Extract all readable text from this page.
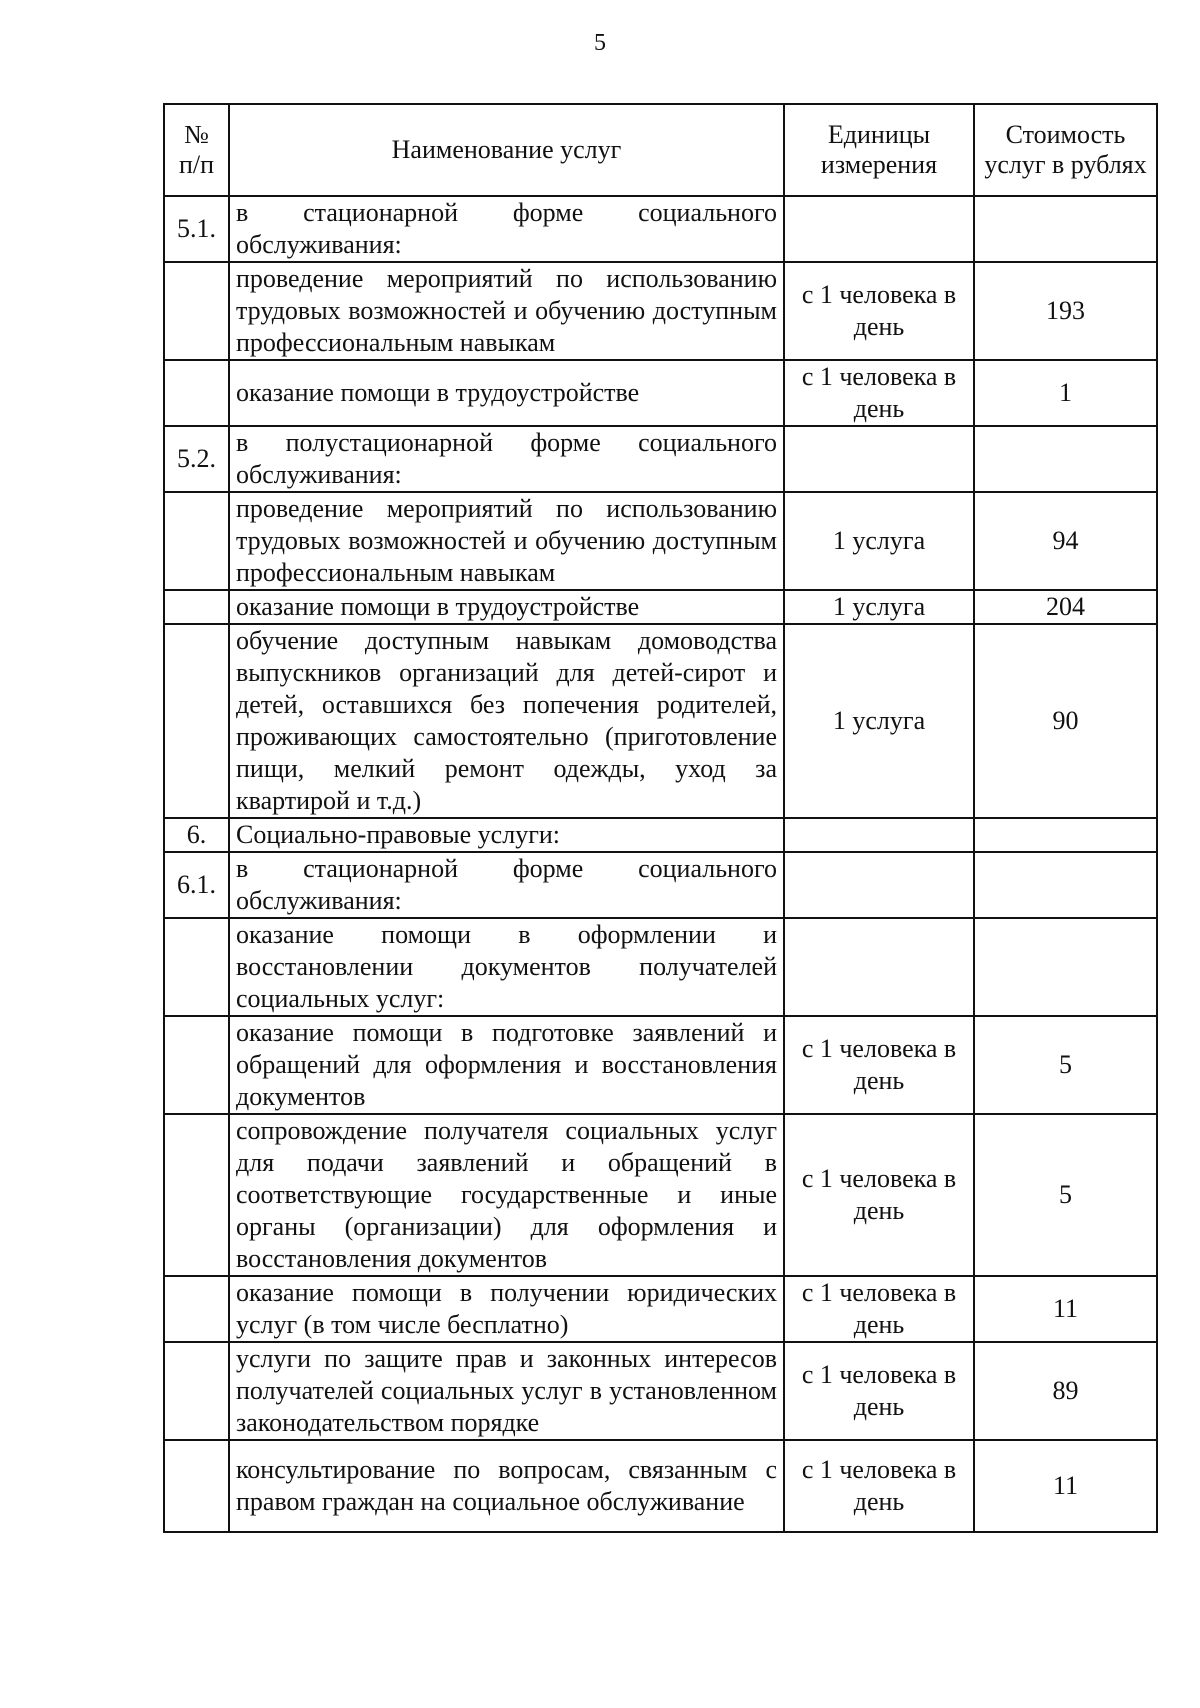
5
№ п/п	Наименование услуг	Единицы измерения	Стоимость услуг в рублях
5.1.	в стационарной форме социального обслуживания:		
	проведение мероприятий по использованию трудовых возможностей и обучению доступным профессиональным навыкам	с 1 человека в день	193
	оказание помощи в трудоустройстве	с 1 человека в день	1
5.2.	в полустационарной форме социального обслуживания:		
	проведение мероприятий по использованию трудовых возможностей и обучению доступным профессиональным навыкам	1 услуга	94
	оказание помощи в трудоустройстве	1 услуга	204
	обучение доступным навыкам домоводства выпускников организаций для детей-сирот и детей, оставшихся без попечения родителей, проживающих самостоятельно (приготовление пищи, мелкий ремонт одежды, уход за квартирой и т.д.)	1 услуга	90
6.	Социально-правовые услуги:		
6.1.	в стационарной форме социального обслуживания:		
	оказание помощи в оформлении и восстановлении документов получателей социальных услуг:		
	оказание помощи в подготовке заявлений и обращений для оформления и восстановления документов	с 1 человека в день	5
	сопровождение получателя социальных услуг для подачи заявлений и обращений в соответствующие государственные и иные органы (организации) для оформления и восстановления документов	с 1 человека в день	5
	оказание помощи в получении юридических услуг (в том числе бесплатно)	с 1 человека в день	11
	услуги по защите прав и законных интересов получателей социальных услуг в установленном законодательством порядке	с 1 человека в день	89
	консультирование по вопросам, связанным с правом граждан на социальное обслуживание	с 1 человека в день	11
